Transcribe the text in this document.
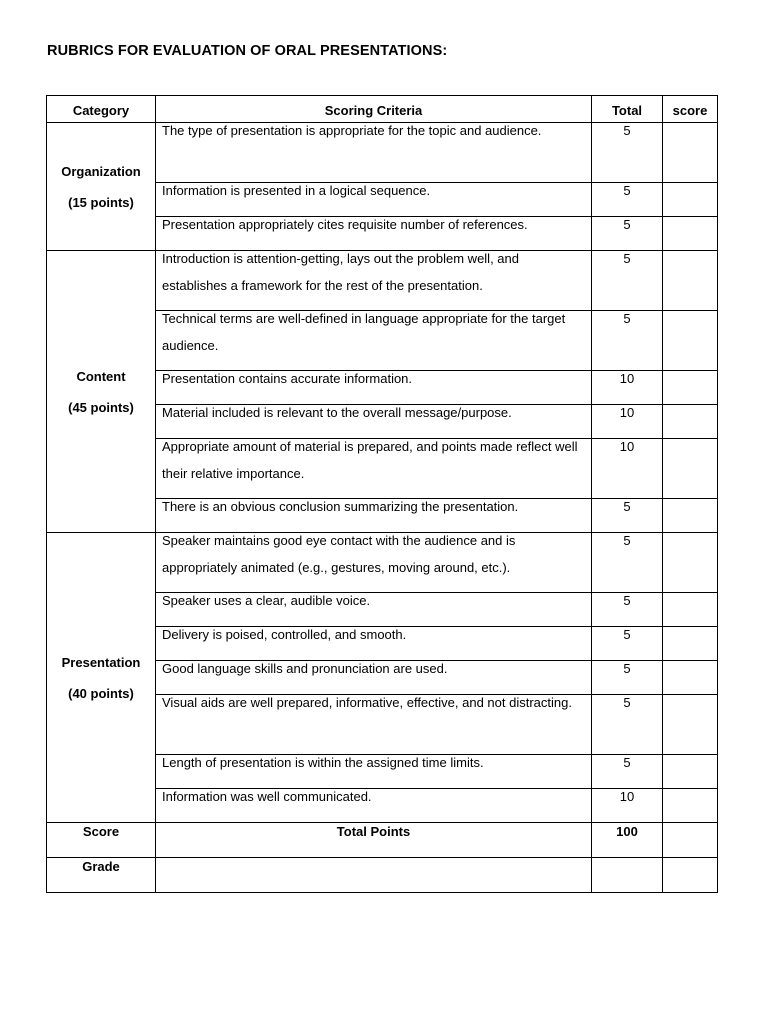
RUBRICS FOR EVALUATION OF ORAL PRESENTATIONS:
Category	Scoring Criteria	Total	score

Organization
(15 points)	The type of presentation is appropriate for the topic and audience.	5	

	Information is presented in a logical sequence.	5	

	Presentation appropriately cites requisite number of references.	5	

Content
(45 points)	Introduction is attention-getting, lays out the problem well, and establishes a framework for the rest of the presentation.	5	

	Technical terms are well-defined in language appropriate for the target audience.	5	

	Presentation contains accurate information.	10	

	Material included is relevant to the overall message/purpose.	10	

	Appropriate amount of material is prepared, and points made reflect well their relative importance.	10	

	There is an obvious conclusion summarizing the presentation.	5	

Presentation
(40 points)	Speaker maintains good eye contact with the audience and is appropriately animated (e.g., gestures, moving around, etc.).	5	

	Speaker uses a clear, audible voice.	5	

	Delivery is poised, controlled, and smooth.	5	

	Good language skills and pronunciation are used.	5	

	Visual aids are well prepared, informative, effective, and not distracting.	5	

	Length of presentation is within the assigned time limits.	5	

	Information was well communicated.	10	

Score	Total Points	100	
Grade			
